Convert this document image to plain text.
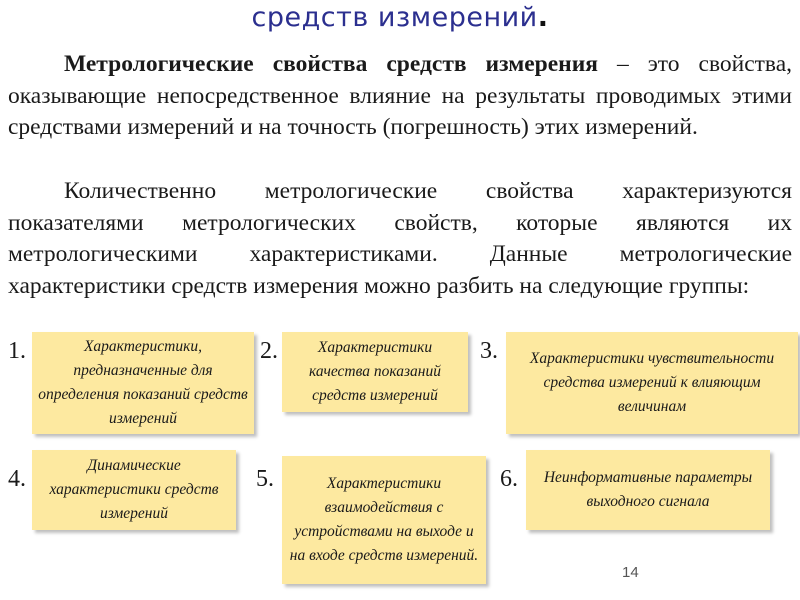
средств измерений.
Метрологические свойства средств измерения – это свойства, оказывающие непосредственное влияние на результаты проводимых этими средствами измерений и на точность (погрешность) этих измерений.
Количественно метрологические свойства характеризуются показателями метрологических свойств, которые являются их метрологическими характеристиками. Данные метрологические характеристики средств измерения можно разбить на следующие группы:
1.	Характеристики, предназначенные для определения показаний средств измерений
2.	Характеристики качества показаний средств измерений
3.	Характеристики чувствительности средства измерений к влияющим величинам
4.
Динамические характеристики средств измерений
5.	Характеристики взаимодействия с устройствами на выходе и на входе средств измерений.
6.	Неинформативные параметры выходного сигнала
14
